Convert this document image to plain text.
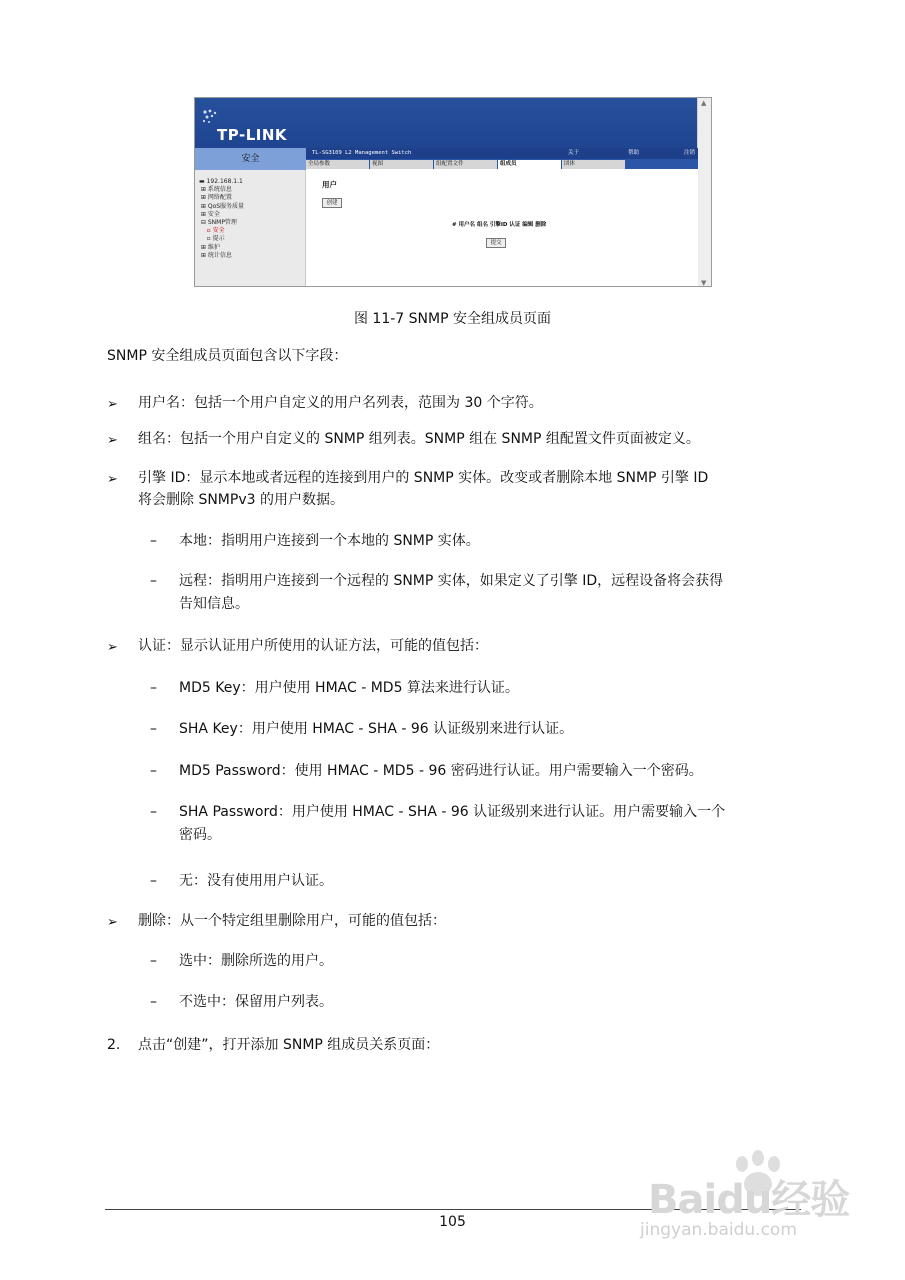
TP-LINK
▲
▼
安全
▬ 192.168.1.1
⊞ 系统信息
⊞ 网络配置
⊞ QoS服务质量
⊞ 安全
⊟ SNMP管理
▫ 安全
▫ 提示
⊞ 维护
⊞ 统计信息
TL-SG3109 L2 Management Switch	关于	帮助	注销
全局参数	视图	组配置文件	组成员	团体
用户
创建
# 用户名 组名 引擎ID 认证 编辑 删除
提交
图 11-7 SNMP 安全组成员页面
SNMP 安全组成员页面包含以下字段：
➢ 用户名：包括一个用户自定义的用户名列表，范围为 30 个字符。
➢ 组名：包括一个用户自定义的 SNMP 组列表。SNMP 组在 SNMP 组配置文件页面被定义。
➢ 引擎 ID：显示本地或者远程的连接到用户的 SNMP 实体。改变或者删除本地 SNMP 引擎 ID
将会删除 SNMPv3 的用户数据。
– 本地：指明用户连接到一个本地的 SNMP 实体。
– 远程：指明用户连接到一个远程的 SNMP 实体，如果定义了引擎 ID，远程设备将会获得
告知信息。
➢ 认证：显示认证用户所使用的认证方法，可能的值包括：
– MD5 Key：用户使用 HMAC - MD5 算法来进行认证。
– SHA Key：用户使用 HMAC - SHA - 96 认证级别来进行认证。
– MD5 Password：使用 HMAC - MD5 - 96 密码进行认证。用户需要输入一个密码。
– SHA Password：用户使用 HMAC - SHA - 96 认证级别来进行认证。用户需要输入一个
密码。
– 无：没有使用用户认证。
➢ 删除：从一个特定组里删除用户，可能的值包括：
– 选中：删除所选的用户。
– 不选中：保留用户列表。
2. 点击“创建”，打开添加 SNMP 组成员关系页面：
105	Baidu经验
jingyan.baidu.com
